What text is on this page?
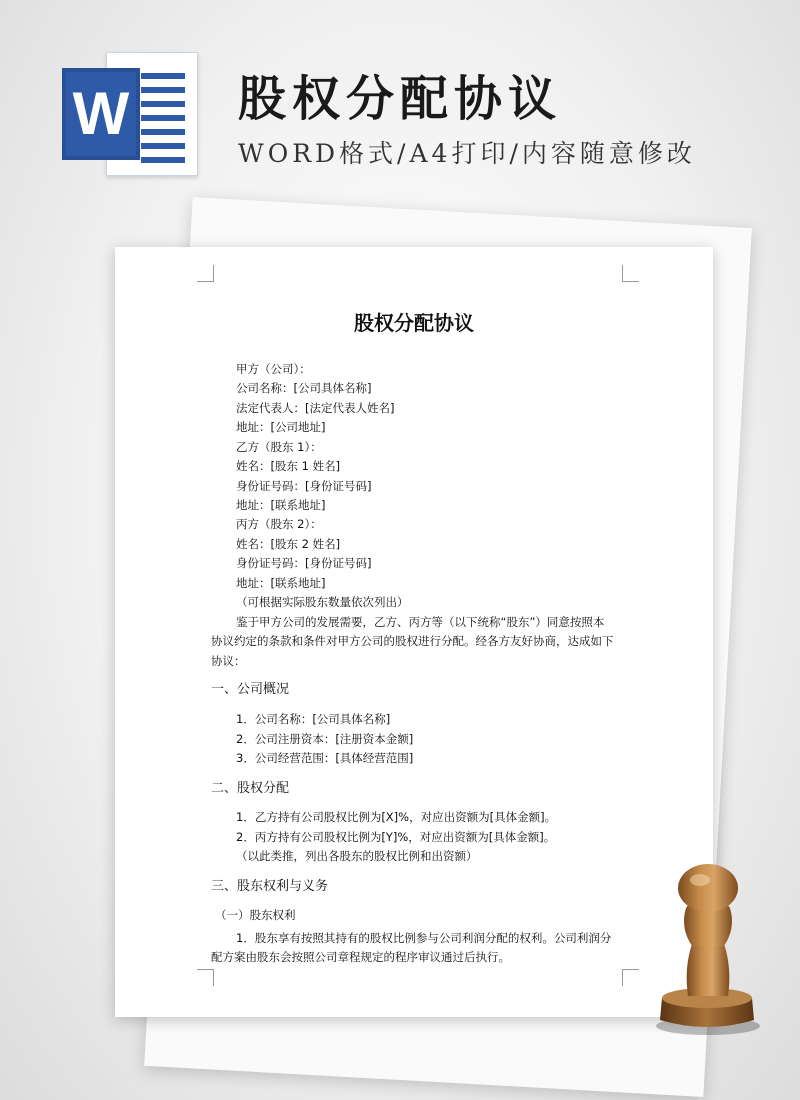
W 股权分配协议

WORD格式/A4打印/内容随意修改

股权分配协议
甲方（公司）：
公司名称：[公司具体名称]
法定代表人：[法定代表人姓名]
地址：[公司地址]
乙方（股东 1）：
姓名：[股东 1 姓名]
身份证号码：[身份证号码]
地址：[联系地址]
丙方（股东 2）：
姓名：[股东 2 姓名]
身份证号码：[身份证号码]
地址：[联系地址]
（可根据实际股东数量依次列出）
鉴于甲方公司的发展需要，乙方、丙方等（以下统称“股东”）同意按照本
协议约定的条款和条件对甲方公司的股权进行分配。经各方友好协商，达成如下
协议：
一、公司概况
1．公司名称：[公司具体名称]
2．公司注册资本：[注册资本金额]
3．公司经营范围：[具体经营范围]
二、股权分配
1．乙方持有公司股权比例为[X]%，对应出资额为[具体金额]。
2．丙方持有公司股权比例为[Y]%，对应出资额为[具体金额]。
（以此类推，列出各股东的股权比例和出资额）
三、股东权利与义务
（一）股东权利
1．股东享有按照其持有的股权比例参与公司利润分配的权利。公司利润分
配方案由股东会按照公司章程规定的程序审议通过后执行。
